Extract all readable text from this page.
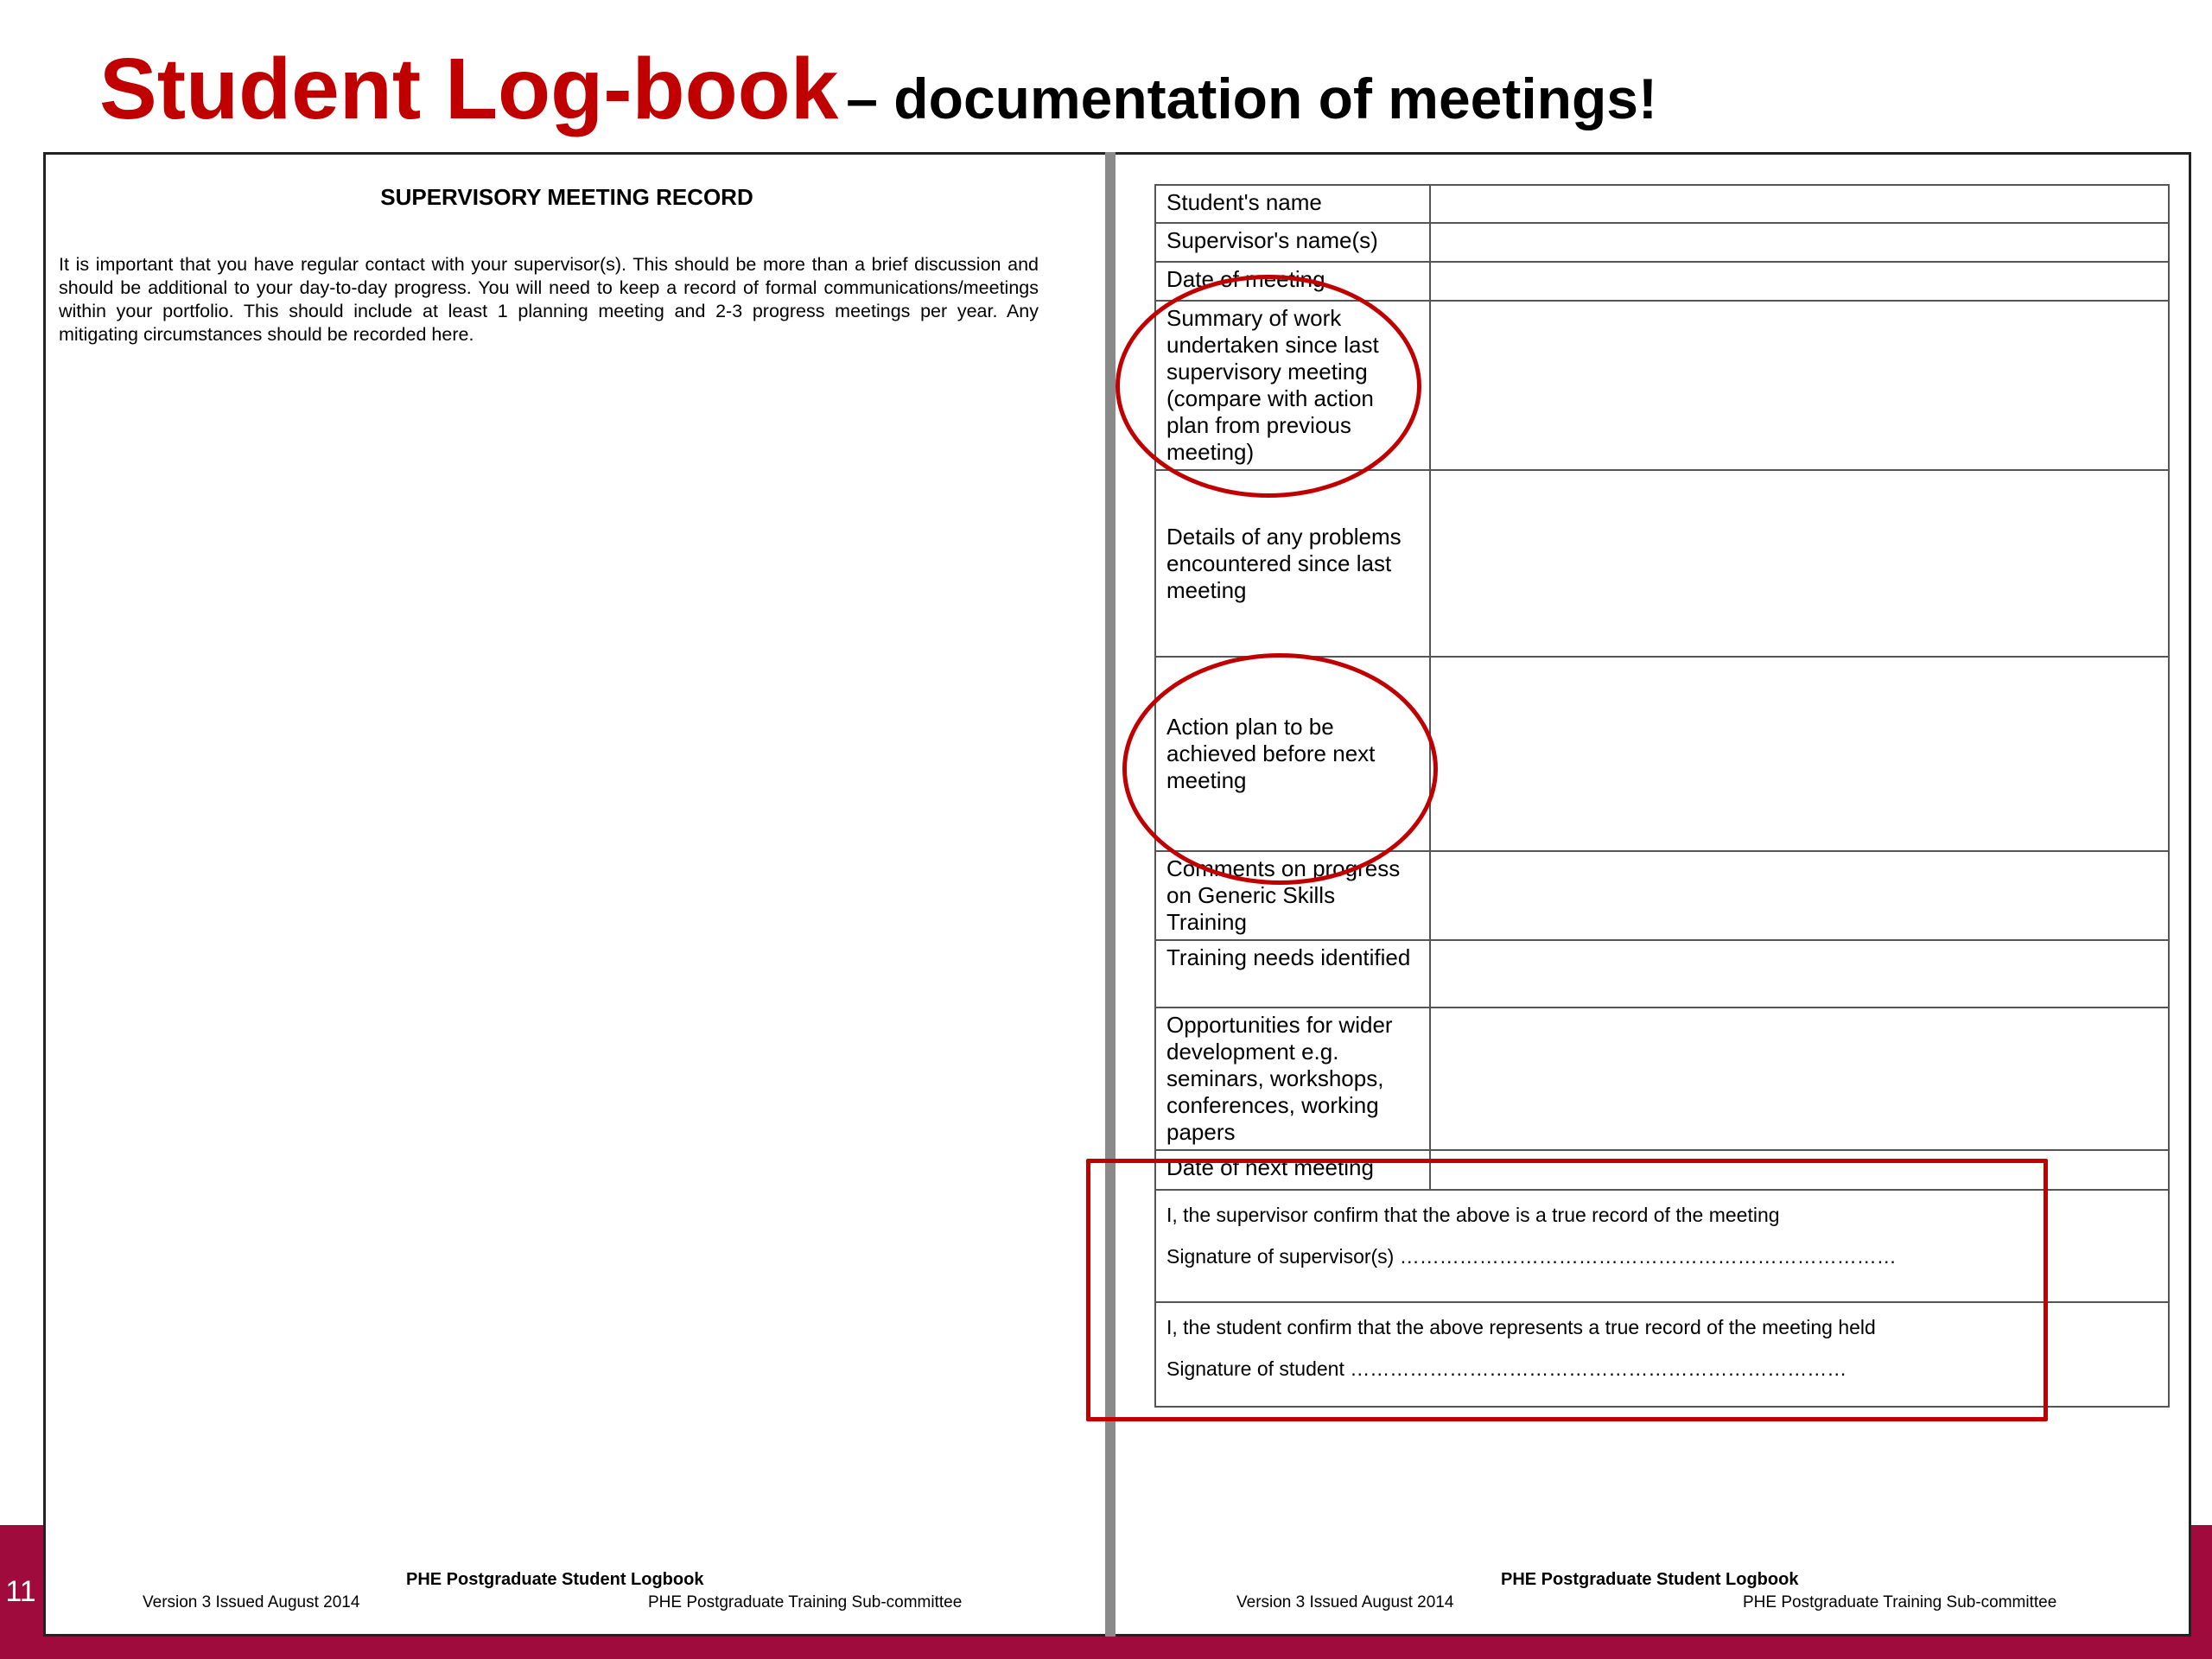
Student Log-book – documentation of meetings!
11
SUPERVISORY MEETING RECORD

It is important that you have regular contact with your supervisor(s). This should be more than a brief discussion and should be additional to your day-to-day progress. You will need to keep a record of formal communications/meetings within your portfolio. This should include at least 1 planning meeting and 2-3 progress meetings per year. Any mitigating circumstances should be recorded here.

PHE Postgraduate Student Logbook
Version 3 Issued August 2014	PHE Postgraduate Training Sub-committee
Student's name	
Supervisor's name(s)	
Date of meeting	
Summary of work undertaken since last supervisory meeting (compare with action plan from previous meeting)	
Details of any problems encountered since last meeting	
Action plan to be achieved before next meeting	
Comments on progress on Generic Skills Training	
Training needs identified	
Opportunities for wider development e.g. seminars, workshops, conferences, working papers	
Date of next meeting	

I, the supervisor confirm that the above is a true record of the meeting
Signature of supervisor(s) …………………………………………………………………	

I, the student confirm that the above represents a true record of the meeting held
Signature of student …………………………………………………………………	
PHE Postgraduate Student Logbook
Version 3 Issued August 2014	PHE Postgraduate Training Sub-committee
